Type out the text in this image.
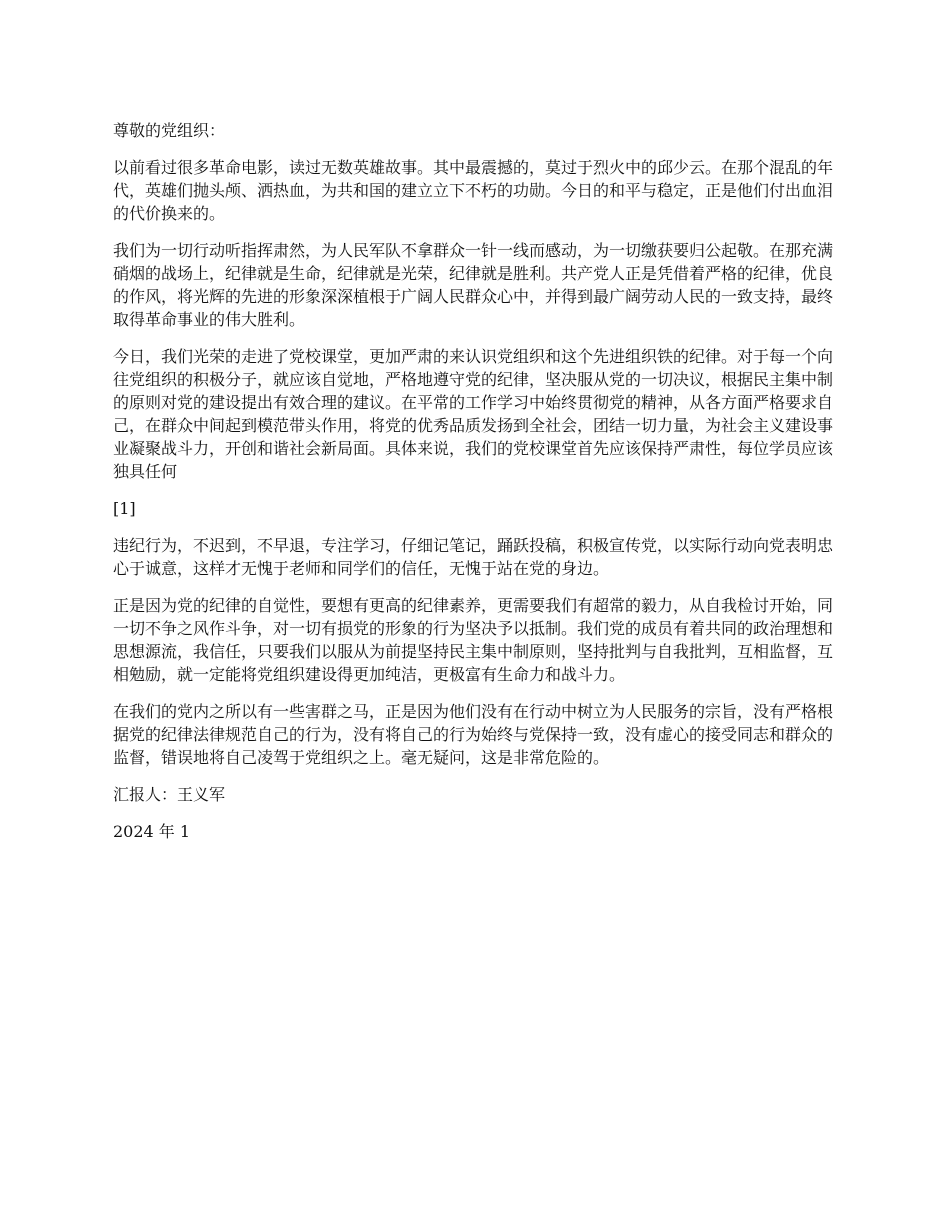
尊敬的党组织：

以前看过很多革命电影，读过无数英雄故事。其中最震撼的，莫过于烈火中的邱少云。在那个混乱的年代，英雄们抛头颅、洒热血，为共和国的建立立下不朽的功勋。今日的和平与稳定，正是他们付出血泪的代价换来的。

我们为一切行动听指挥肃然，为人民军队不拿群众一针一线而感动，为一切缴获要归公起敬。在那充满硝烟的战场上，纪律就是生命，纪律就是光荣，纪律就是胜利。共产党人正是凭借着严格的纪律，优良的作风，将光辉的先进的形象深深植根于广阔人民群众心中，并得到最广阔劳动人民的一致支持，最终取得革命事业的伟大胜利。

今日，我们光荣的走进了党校课堂，更加严肃的来认识党组织和这个先进组织铁的纪律。对于每一个向往党组织的积极分子，就应该自觉地，严格地遵守党的纪律，坚决服从党的一切决议，根据民主集中制的原则对党的建设提出有效合理的建议。在平常的工作学习中始终贯彻党的精神，从各方面严格要求自己，在群众中间起到模范带头作用，将党的优秀品质发扬到全社会，团结一切力量，为社会主义建设事业凝聚战斗力，开创和谐社会新局面。具体来说，我们的党校课堂首先应该保持严肃性，每位学员应该独具任何

[1]

违纪行为，不迟到，不早退，专注学习，仔细记笔记，踊跃投稿，积极宣传党，以实际行动向党表明忠心于诚意，这样才无愧于老师和同学们的信任，无愧于站在党的身边。

正是因为党的纪律的自觉性，要想有更高的纪律素养，更需要我们有超常的毅力，从自我检讨开始，同一切不争之风作斗争，对一切有损党的形象的行为坚决予以抵制。我们党的成员有着共同的政治理想和思想源流，我信任，只要我们以服从为前提坚持民主集中制原则，坚持批判与自我批判，互相监督，互相勉励，就一定能将党组织建设得更加纯洁，更极富有生命力和战斗力。

在我们的党内之所以有一些害群之马，正是因为他们没有在行动中树立为人民服务的宗旨，没有严格根据党的纪律法律规范自己的行为，没有将自己的行为始终与党保持一致，没有虚心的接受同志和群众的监督，错误地将自己凌驾于党组织之上。毫无疑问，这是非常危险的。

汇报人：王义军

2024 年 1
